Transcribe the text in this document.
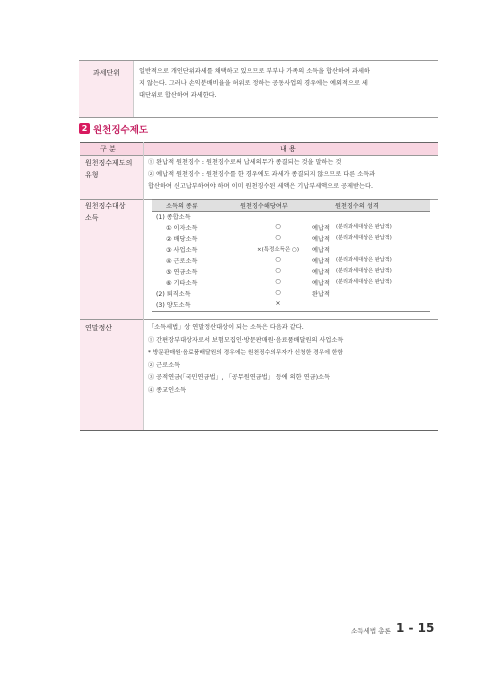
과세단위	일반적으로 개인단위과세를 채택하고 있으므로 부부나 가족의 소득을 합산하여 과세하
지 않는다. 그러나 손익분배비율을 허위로 정하는 공동사업의 경우에는 예외적으로 세
대단위로 합산하여 과세한다.
2 원천징수제도
구 분	내 용
원천징수제도의
유형
① 완납적 원천징수 : 원천징수로써 납세의무가 종결되는 것을 말하는 것
② 예납적 원천징수 : 원천징수를 한 경우에도 과세가 종결되지 않으므로 다른 소득과
합산하여 신고납부하여야 하며 이미 원천징수된 세액은 기납부세액으로 공제받는다.
원천징수대상
소득
소득의 종류	원천징수해당여부	원천징수의 성격
(1) 종합소득
① 이자소득	○	예납적 (분리과세대상은 완납적)
② 배당소득	○	예납적 (분리과세대상은 완납적)
③ 사업소득	×(특정소득은 ○)	예납적
④ 근로소득	○	예납적 (분리과세대상은 완납적)
⑤ 연금소득	○	예납적 (분리과세대상은 완납적)
⑥ 기타소득	○	예납적 (분리과세대상은 완납적)
(2) 퇴직소득	○	완납적
(3) 양도소득	×
연말정산	「소득세법」상 연말정산대상이 되는 소득은 다음과 같다.
① 간편장부대상자로서 보험모집인·방문판매원·음료품배달원의 사업소득
* 방문판매원·음료품배달원의 경우에는 원천징수의무자가 신청한 경우에 한함
② 근로소득
③ 공적연금(「국민연금법」, 「공무원연금법」 등에 의한 연금)소득
④ 종교인소득
소득세법 총론 1 - 15
